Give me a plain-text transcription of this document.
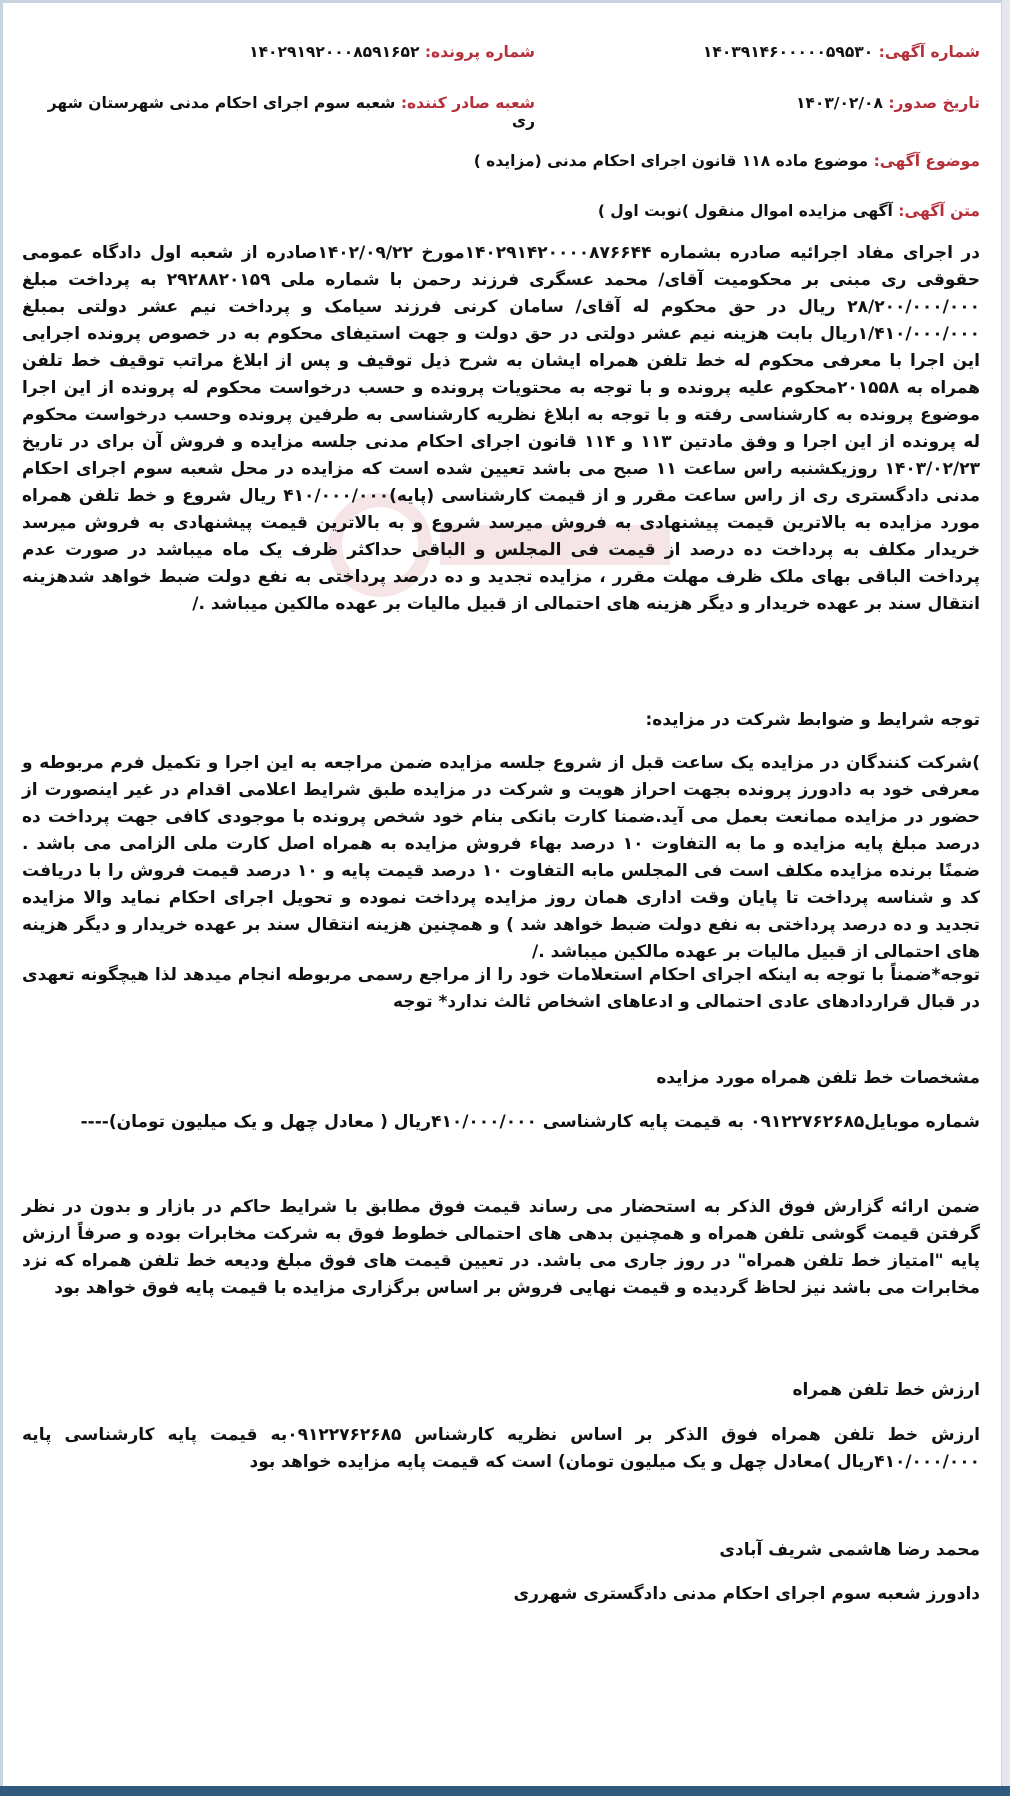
شماره آگهی: ۱۴۰۳۹۱۴۶۰۰۰۰۰۵۹۵۳۰
شماره پرونده: ۱۴۰۲۹۱۹۲۰۰۰۸۵۹۱۶۵۲
تاریخ صدور: ۱۴۰۳/۰۲/۰۸
شعبه صادر کننده: شعبه سوم اجرای احکام مدنی شهرستان شهر ری
موضوع آگهی: موضوع ماده ۱۱۸ قانون اجرای احکام مدنی (مزایده )
متن آگهی: آگهی مزایده اموال منقول )نوبت اول )
در اجرای مفاد اجرائیه صادره بشماره ۱۴۰۲۹۱۴۲۰۰۰۰۸۷۶۶۴۴مورخ ۱۴۰۲/۰۹/۲۲صادره از شعبه اول دادگاه عمومی حقوقی ری مبنی بر محکومیت آقای/ محمد عسگری فرزند رحمن با شماره ملی ۲۹۲۸۸۲۰۱۵۹ به پرداخت مبلغ ۲۸/۲۰۰/۰۰۰/۰۰۰ ریال در حق محکوم له آقای/ سامان کرنی فرزند سیامک و پرداخت نیم عشر دولتی بمبلغ ۱/۴۱۰/۰۰۰/۰۰۰ریال بابت هزینه نیم عشر دولتی در حق دولت و جهت استیفای محکوم به در خصوص پرونده اجرایی این اجرا با معرفی محکوم له خط تلفن همراه ایشان به شرح ذیل توقیف و پس از ابلاغ مراتب توقیف خط تلفن همراه به ۲۰۱۵۵۸محکوم علیه پرونده و با توجه به محتویات پرونده و حسب درخواست محکوم له پرونده از این اجرا موضوع پرونده به کارشناسی رفته و با توجه به ابلاغ نظریه کارشناسی به طرفین پرونده وحسب درخواست محکوم له پرونده از این اجرا و وفق مادتین ۱۱۳ و ۱۱۴ قانون اجرای احکام مدنی جلسه مزایده و فروش آن برای در تاریخ ۱۴۰۳/۰۲/۲۳ روزیکشنبه راس ساعت ۱۱ صبح می باشد تعیین شده است که مزایده در محل شعبه سوم اجرای احکام مدنی دادگستری ری از راس ساعت مقرر و از قیمت کارشناسی (پایه)۴۱۰/۰۰۰/۰۰۰ ریال شروع و خط تلفن همراه مورد مزایده به بالاترین قیمت پیشنهادی به فروش میرسد شروع و به بالاترین قیمت پیشنهادی به فروش میرسد خریدار مکلف به پرداخت ده درصد از قیمت فی المجلس و الباقی حداکثر ظرف یک ماه میباشد در صورت عدم پرداخت الباقی بهای ملک ظرف مهلت مقرر ، مزایده تجدید و ده درصد پرداختی به نفع دولت ضبط خواهد شدهزینه انتقال سند بر عهده خریدار و دیگر هزینه های احتمالی از قبیل مالیات بر عهده مالکین میباشد ./
توجه شرایط و ضوابط شرکت در مزایده:
)شرکت کنندگان در مزایده یک ساعت قبل از شروع جلسه مزایده ضمن مراجعه به این اجرا و تکمیل فرم مربوطه و معرفی خود به دادورز پرونده بجهت احراز هویت و شرکت در مزایده طبق شرایط اعلامی اقدام در غیر اینصورت از حضور در مزایده ممانعت بعمل می آید.ضمنا کارت بانکی بنام خود شخص پرونده با موجودی کافی جهت پرداخت ده درصد مبلغ پایه مزایده و ما به التفاوت ۱۰ درصد بهاء فروش مزایده به همراه اصل کارت ملی الزامی می باشد . ضمنًا برنده مزایده مکلف است فی المجلس مابه التفاوت ۱۰ درصد قیمت پایه و ۱۰ درصد قیمت فروش را با دریافت کد و شناسه پرداخت تا پایان وقت اداری همان روز مزایده پرداخت نموده و تحویل اجرای احکام نماید والا مزایده تجدید و ده درصد پرداختی به نفع دولت ضبط خواهد شد ) و همچنین هزینه انتقال سند بر عهده خریدار و دیگر هزینه های احتمالی از قبیل مالیات بر عهده مالکین میباشد ./
توجه*ضمناً با توجه به اینکه اجرای احکام استعلامات خود را از مراجع رسمی مربوطه انجام میدهد لذا هیچگونه تعهدی در قبال قراردادهای عادی احتمالی و ادعاهای اشخاص ثالث ندارد* توجه
مشخصات خط تلفن همراه مورد مزایده
شماره موبایل۰۹۱۲۲۷۶۲۶۸۵ به قیمت پایه کارشناسی ۴۱۰/۰۰۰/۰۰۰ریال ( معادل چهل و یک میلیون تومان)----
ضمن ارائه گزارش فوق الذکر به استحضار می رساند قیمت فوق مطابق با شرایط حاکم در بازار و بدون در نظر گرفتن قیمت گوشی تلفن همراه و همچنین بدهی های احتمالی خطوط فوق به شرکت مخابرات بوده و صرفاً ارزش پایه "امتیاز خط تلفن همراه" در روز جاری می باشد. در تعیین قیمت های فوق مبلغ ودیعه خط تلفن همراه که نزد مخابرات می باشد نیز لحاظ گردیده و قیمت نهایی فروش بر اساس برگزاری مزایده با قیمت پایه فوق خواهد بود
ارزش خط تلفن همراه
ارزش خط تلفن همراه فوق الذکر بر اساس نظریه کارشناس ۰۹۱۲۲۷۶۲۶۸۵به قیمت پایه کارشناسی پایه ۴۱۰/۰۰۰/۰۰۰ریال )معادل چهل و یک میلیون تومان) است که قیمت پایه مزایده خواهد بود
محمد رضا هاشمی شریف آبادی
دادورز شعبه سوم اجرای احکام مدنی دادگستری شهرری
